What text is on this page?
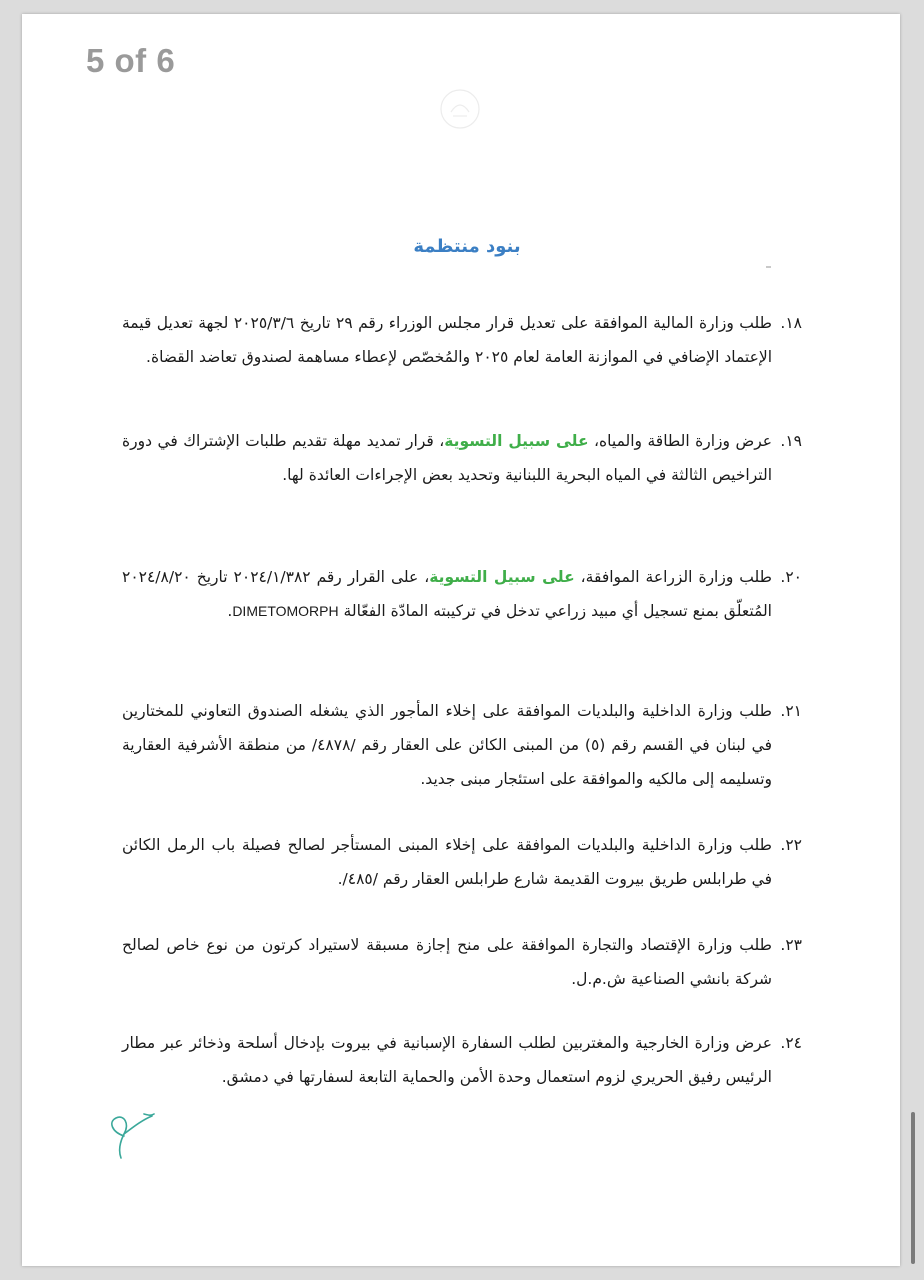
5 of 6
بنود منتظمة
١٨.
طلب وزارة المالية الموافقة على تعديل قرار مجلس الوزراء رقم ٢٩ تاريخ ٢٠٢٥/٣/٦ لجهة تعديل قيمة الإعتماد الإضافي في الموازنة العامة لعام ٢٠٢٥ والمُخصّص لإعطاء مساهمة لصندوق تعاضد القضاة.
١٩.
عرض وزارة الطاقة والمياه، على سبيل التسوية، قرار تمديد مهلة تقديم طلبات الإشتراك في دورة التراخيص الثالثة في المياه البحرية اللبنانية وتحديد بعض الإجراءات العائدة لها.
٢٠.
طلب وزارة الزراعة الموافقة، على سبيل التسوية، على القرار رقم ٢٠٢٤/١/٣٨٢ تاريخ ٢٠٢٤/٨/٢٠ المُتعلّق بمنع تسجيل أي مبيد زراعي تدخل في تركيبته المادّة الفعّالة DIMETOMORPH.
٢١.
طلب وزارة الداخلية والبلديات الموافقة على إخلاء المأجور الذي يشغله الصندوق التعاوني للمختارين في لبنان في القسم رقم (٥) من المبنى الكائن على العقار رقم /٤٨٧٨/ من منطقة الأشرفية العقارية وتسليمه إلى مالكيه والموافقة على استئجار مبنى جديد.
٢٢.
طلب وزارة الداخلية والبلديات الموافقة على إخلاء المبنى المستأجر لصالح فصيلة باب الرمل الكائن في طرابلس طريق بيروت القديمة شارع طرابلس العقار رقم /٤٨٥/.
٢٣.
طلب وزارة الإقتصاد والتجارة الموافقة على منح إجازة مسبقة لاستيراد كرتون من نوع خاص لصالح شركة بانشي الصناعية ش.م.ل.
٢٤.
عرض وزارة الخارجية والمغتربين لطلب السفارة الإسبانية في بيروت بإدخال أسلحة وذخائر عبر مطار الرئيس رفيق الحريري لزوم استعمال وحدة الأمن والحماية التابعة لسفارتها في دمشق.
